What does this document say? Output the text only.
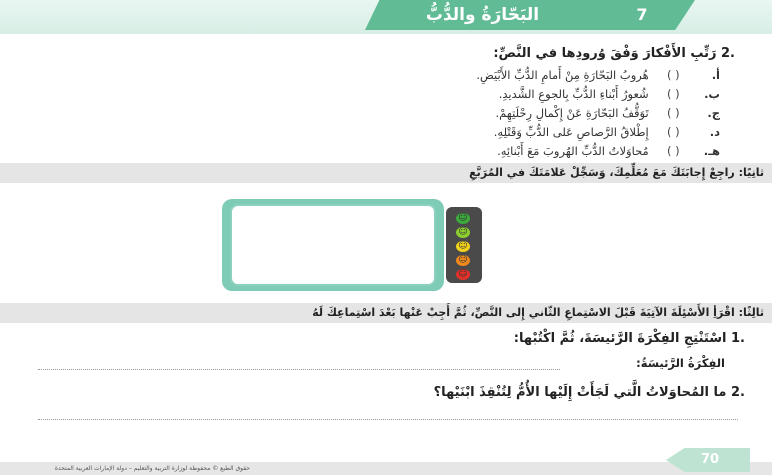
البَحّارَةُ والدُّبُّ	7
.2 رَتِّبِ الأَفْكارَ وَفْقَ وُرودِها في النَّصِّ:
أ. ( ) هُروبُ البَحّارَةِ مِنْ أَمامِ الدُّبِّ الأَبْيَضِ.
ب. ( ) شُعورُ أَبْناءِ الدُّبِّ بِالجوعِ الشَّديدِ.
ج. ( ) تَوَقُّفُ البَحّارَةِ عَنْ إِكْمالِ رِحْلَتِهِمْ.
د. ( ) إِطْلاقُ الرَّصاصِ عَلى الدُّبِّ وَقَتْلِهِ.
هـ. ( ) مُحاوَلاتُ الدُّبِّ الهُروبَ مَعَ أَبْنائِهِ.
ثانِيًا: راجِعْ إِجابَتَكَ مَعَ مُعَلِّمِكَ، وَسَجِّلْ عَلامَتَكَ في المُرَبَّعِ
☺
☺
☺
☺
☺
ثالِثًا: اقْرَأِ الأَسْئِلَةَ الآتِيَةَ قَبْلَ الاسْتِماعِ الثّاني إِلى النَّصِّ، ثُمَّ أَجِبْ عَنْها بَعْدَ اسْتِماعِكَ لَهُ
.1 اسْتَنْتِجِ الفِكْرَةَ الرَّئيسَةَ، ثُمَّ اكْتُبْها:
الفِكْرَةُ الرَّئيسَةُ:
.2 ما المُحاوَلاتُ الَّتي لَجَأَتْ إِلَيْها الأُمُّ لِتُنْقِذَ ابْنَيْها؟
حقوق الطبع © محفوظة لوزارة التربية والتعليم – دولة الإمارات العربية المتحدة
70
